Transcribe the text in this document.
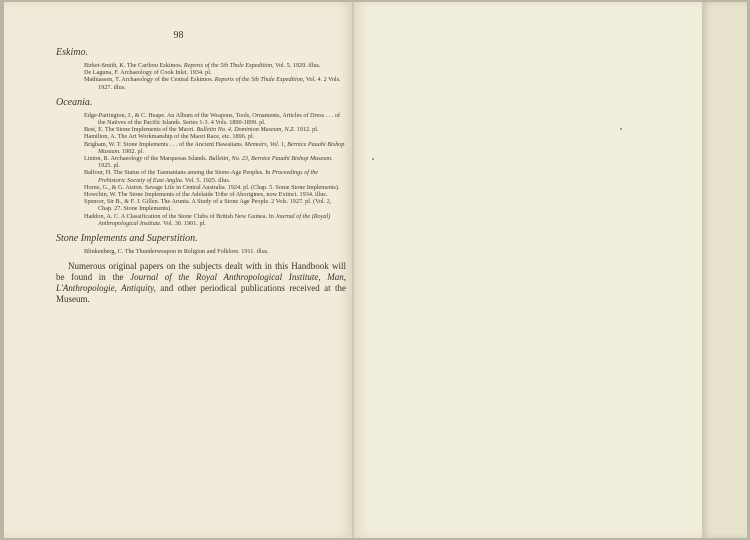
98
Eskimo.
Birket-Smith, K. The Caribou Eskimos. Reports of the 5th Thule Expedition, Vol. 5. 1929. illus.
De Laguna, F. Archaeology of Cook Inlet. 1934. pl.
Mathiassen, T. Archaeology of the Central Eskimos. Reports of the 5th Thule Expedition, Vol. 4. 2 Vols. 1927. illus.
Oceania.
Edge-Partington, J., & C. Heape. An Album of the Weapons, Tools, Ornaments, Articles of Dress . . . of the Natives of the Pacific Islands. Series 1-3. 4 Vols. 1890-1899. pl.
Best, E. The Stone Implements of the Maori. Bulletin No. 4, Dominion Museum, N.Z. 1912. pl.
Hamilton, A. The Art Workmanship of the Maori Race, etc. 1896. pl.
Brigham, W. T. Stone Implements . . . of the Ancient Hawaiians. Memoirs, Vol. 1, Bernice Pauahi Bishop Museum. 1902. pl.
Linton, R. Archaeology of the Marquesas Islands. Bulletin, No. 23, Bernice Pauahi Bishop Museum. 1925. pl.
Balfour, H. The Status of the Tasmanians among the Stone-Age Peoples. In Proceedings of the Prehistoric Society of East Anglia. Vol. 5. 1925. illus.
Horne, G., & G. Aiston. Savage Life in Central Australia. 1924. pl. (Chap. 5. Some Stone Implements).
Howchin, W. The Stone Implements of the Adelaide Tribe of Aborigines, now Extinct. 1934. illus.
Spencer, Sir B., & F. J. Gillen. The Arunta. A Study of a Stone Age People. 2 Vols. 1927. pl. (Vol. 2, Chap. 27. Stone Implements).
Haddon, A. C. A Classification of the Stone Clubs of British New Guinea. In Journal of the (Royal) Anthropological Institute. Vol. 30. 1901. pl.
Stone Implements and Superstition.
Blinkenberg, C. The Thunderweapon in Religion and Folklore. 1911. illus.

Numerous original papers on the subjects dealt with in this Handbook will be found in the Journal of the Royal Anthropological Institute, Man, L'Anthropologie, Antiquity, and other periodical publications received at the Museum.
